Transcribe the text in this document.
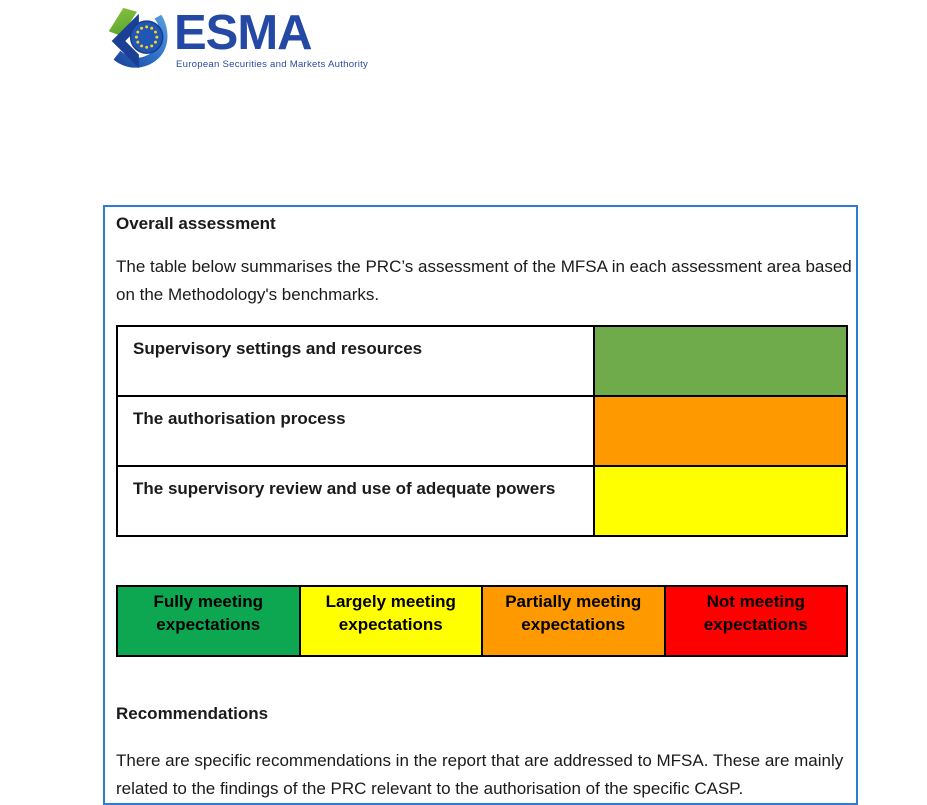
ESMA
European Securities and Markets Authority
Overall assessment

The table below summarises the PRC’s assessment of the MFSA in each assessment area based on the Methodology's benchmarks.

Supervisory settings and resources	
The authorisation process	
The supervisory review and use of adequate powers	
Fully meeting expectations	Largely meeting expectations	Partially meeting expectations	Not meeting expectations
Recommendations

There are specific recommendations in the report that are addressed to MFSA. These are mainly related to the findings of the PRC relevant to the authorisation of the specific CASP.
